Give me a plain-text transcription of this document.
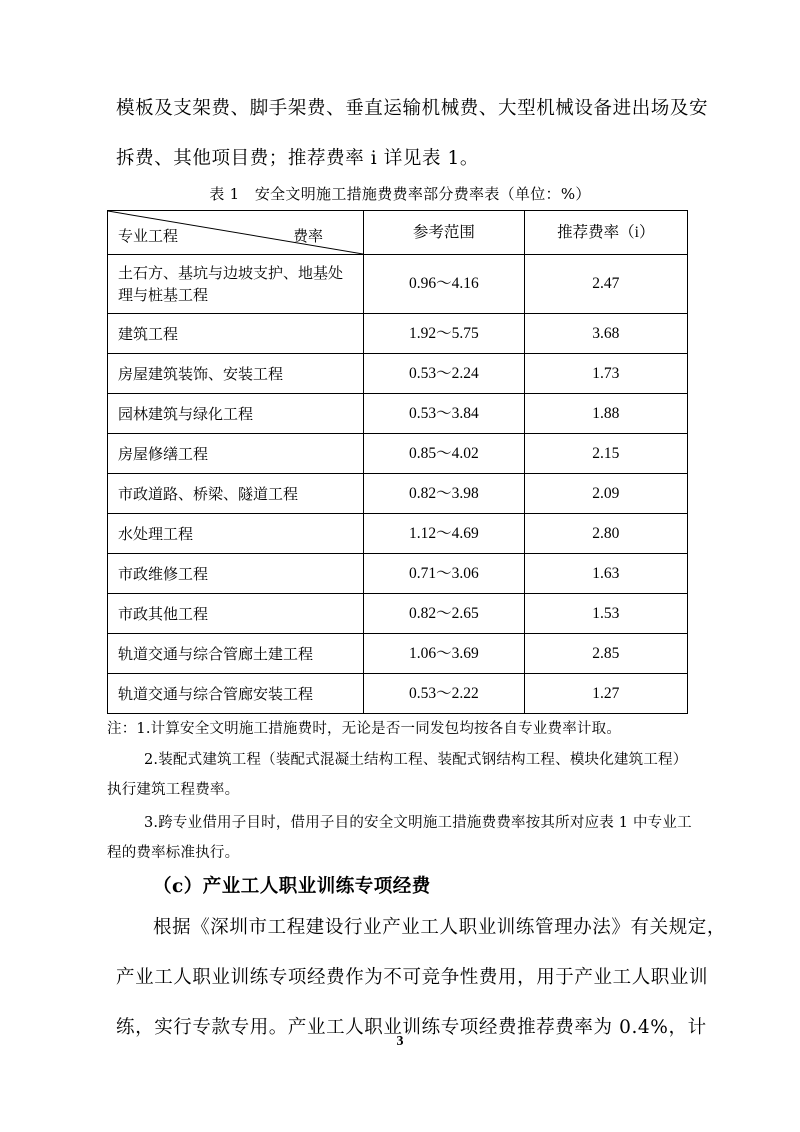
模板及支架费、脚手架费、垂直运输机械费、大型机械设备进出场及安
拆费、其他项目费；推荐费率 i 详见表 1。

表 1　安全文明施工措施费费率部分费率表（单位：%）
专业工程 费率	参考范围	推荐费率（i）
土石方、基坑与边坡支护、地基处理与桩基工程	0.96～4.16	2.47
建筑工程	1.92～5.75	3.68
房屋建筑装饰、安装工程	0.53～2.24	1.73
园林建筑与绿化工程	0.53～3.84	1.88
房屋修缮工程	0.85～4.02	2.15
市政道路、桥梁、隧道工程	0.82～3.98	2.09
水处理工程	1.12～4.69	2.80
市政维修工程	0.71～3.06	1.63
市政其他工程	0.82～2.65	1.53
轨道交通与综合管廊土建工程	1.06～3.69	2.85
轨道交通与综合管廊安装工程	0.53～2.22	1.27
注：1.计算安全文明施工措施费时，无论是否一同发包均按各自专业费率计取。
2.装配式建筑工程（装配式混凝土结构工程、装配式钢结构工程、模块化建筑工程）
执行建筑工程费率。
3.跨专业借用子目时，借用子目的安全文明施工措施费费率按其所对应表 1 中专业工
程的费率标准执行。
（c）产业工人职业训练专项经费

根据《深圳市工程建设行业产业工人职业训练管理办法》有关规定，
产业工人职业训练专项经费作为不可竞争性费用，用于产业工人职业训
练，实行专款专用。产业工人职业训练专项经费推荐费率为 0.4%，计

3
